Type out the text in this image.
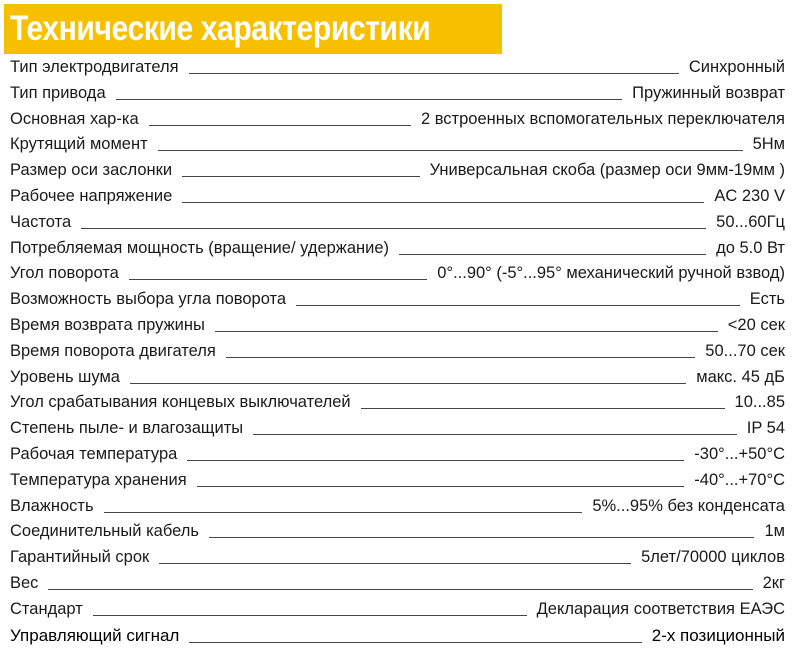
Технические характеристики
Тип электродвигателя	Синхронный
Тип привода	Пружинный возврат
Основная хар-ка	2 встроенных вспомогательных переключателя
Крутящий момент	5Нм
Размер оси заслонки	Универсальная скоба (размер оси 9мм-19мм )
Рабочее напряжение	AC 230 V
Частота	50...60Гц
Потребляемая мощность (вращение/ удержание)	до 5.0 Вт
Угол поворота	0°...90° (-5°...95° механический ручной взвод)
Возможность выбора угла поворота	Есть
Время возврата пружины	<20 сек
Время поворота двигателя	50...70 сек
Уровень шума	макс. 45 дБ
Угол срабатывания концевых выключателей	10...85
Степень пыле- и влагозащиты	IP 54
Рабочая температура	-30°...+50°C
Температура хранения	-40°...+70°C
Влажность	5%...95% без конденсата
Соединительный кабель	1м
Гарантийный срок	5лет/70000 циклов
Вес	2кг
Стандарт	Декларация соответствия ЕАЭС
Управляющий сигнал	2-х позиционный
